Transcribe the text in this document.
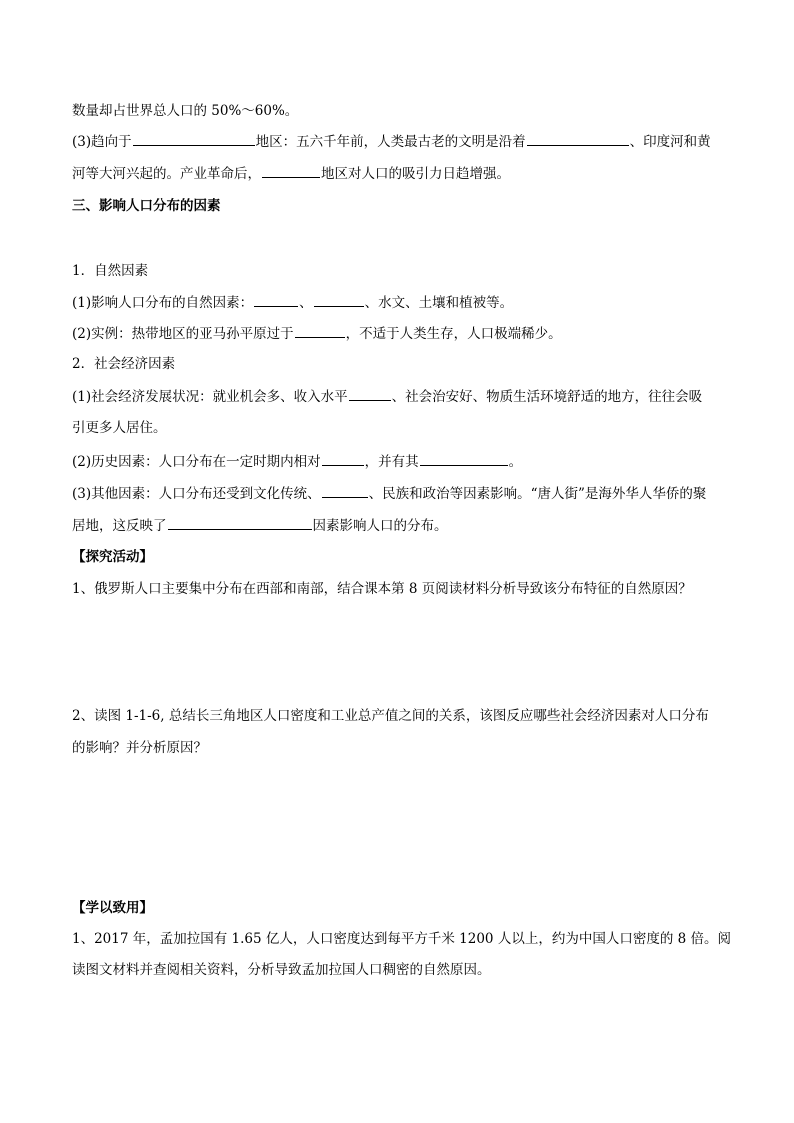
数量却占世界总人口的 50%～60%。
(3)趋向于	地区：五六千年前，人类最古老的文明是沿着	、印度河和黄
河等大河兴起的。产业革命后，	地区对人口的吸引力日趋增强。
三、影响人口分布的因素
1．自然因素
(1)影响人口分布的自然因素：	、	、水文、土壤和植被等。
(2)实例：热带地区的亚马孙平原过于	，不适于人类生存，人口极端稀少。
2．社会经济因素
(1)社会经济发展状况：就业机会多、收入水平	、社会治安好、物质生活环境舒适的地方，往往会吸
引更多人居住。
(2)历史因素：人口分布在一定时期内相对	，并有其	。
(3)其他因素：人口分布还受到文化传统、	、民族和政治等因素影响。“唐人街”是海外华人华侨的聚
居地，这反映了	因素影响人口的分布。
【探究活动】
1、俄罗斯人口主要集中分布在西部和南部，结合课本第 8 页阅读材料分析导致该分布特征的自然原因？
2、读图 1-1-6, 总结长三角地区人口密度和工业总产值之间的关系，该图反应哪些社会经济因素对人口分布
的影响？并分析原因？
【学以致用】
1、2017 年，孟加拉国有 1.65 亿人，人口密度达到每平方千米 1200 人以上，约为中国人口密度的 8 倍。阅
读图文材料并查阅相关资料，分析导致孟加拉国人口稠密的自然原因。
